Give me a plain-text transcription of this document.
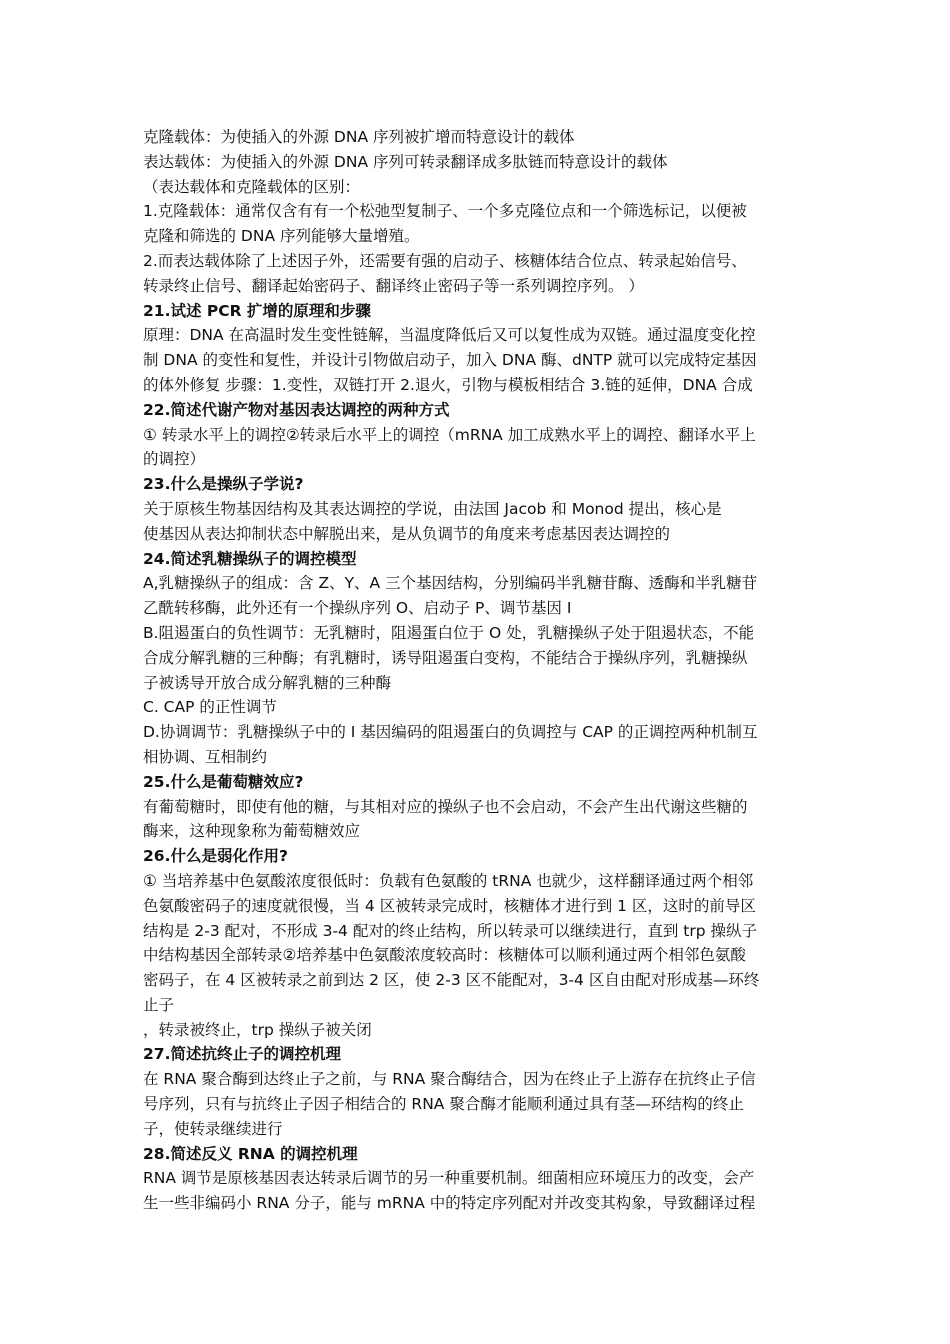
克隆载体：为使插入的外源 DNA 序列被扩增而特意设计的载体
表达载体：为使插入的外源 DNA 序列可转录翻译成多肽链而特意设计的载体
（表达载体和克隆载体的区别：
1.克隆载体：通常仅含有有一个松弛型复制子、一个多克隆位点和一个筛选标记，以便被
克隆和筛选的 DNA 序列能够大量增殖。
2.而表达载体除了上述因子外，还需要有强的启动子、核糖体结合位点、转录起始信号、
转录终止信号、翻译起始密码子、翻译终止密码子等一系列调控序列。 ）
21.试述 PCR 扩增的原理和步骤
原理：DNA 在高温时发生变性链解，当温度降低后又可以复性成为双链。通过温度变化控
制 DNA 的变性和复性，并设计引物做启动子，加入 DNA 酶、dNTP 就可以完成特定基因
的体外修复 步骤：1.变性，双链打开 2.退火，引物与模板相结合 3.链的延伸，DNA 合成
22.简述代谢产物对基因表达调控的两种方式
① 转录水平上的调控②转录后水平上的调控（mRNA 加工成熟水平上的调控、翻译水平上
的调控）
23.什么是操纵子学说?
关于原核生物基因结构及其表达调控的学说，由法国 Jacob 和 Monod 提出，核心是
使基因从表达抑制状态中解脱出来，是从负调节的角度来考虑基因表达调控的
24.简述乳糖操纵子的调控模型
A,乳糖操纵子的组成：含 Z、Y、A 三个基因结构，分别编码半乳糖苷酶、透酶和半乳糖苷
乙酰转移酶，此外还有一个操纵序列 O、启动子 P、调节基因 I
B.阻遏蛋白的负性调节：无乳糖时，阻遏蛋白位于 O 处，乳糖操纵子处于阻遏状态，不能
合成分解乳糖的三种酶；有乳糖时，诱导阻遏蛋白变构，不能结合于操纵序列，乳糖操纵
子被诱导开放合成分解乳糖的三种酶
C. CAP 的正性调节
D.协调调节：乳糖操纵子中的 I 基因编码的阻遏蛋白的负调控与 CAP 的正调控两种机制互
相协调、互相制约
25.什么是葡萄糖效应?
有葡萄糖时，即使有他的糖，与其相对应的操纵子也不会启动，不会产生出代谢这些糖的
酶来，这种现象称为葡萄糖效应
26.什么是弱化作用?
① 当培养基中色氨酸浓度很低时：负载有色氨酸的 tRNA 也就少，这样翻译通过两个相邻
色氨酸密码子的速度就很慢，当 4 区被转录完成时，核糖体才进行到 1 区，这时的前导区
结构是 2-3 配对，不形成 3-4 配对的终止结构，所以转录可以继续进行，直到 trp 操纵子
中结构基因全部转录②培养基中色氨酸浓度较高时：核糖体可以顺利通过两个相邻色氨酸
密码子，在 4 区被转录之前到达 2 区，使 2-3 区不能配对，3-4 区自由配对形成基—环终
止子
，转录被终止，trp 操纵子被关闭
27.简述抗终止子的调控机理
在 RNA 聚合酶到达终止子之前，与 RNA 聚合酶结合，因为在终止子上游存在抗终止子信
号序列，只有与抗终止子因子相结合的 RNA 聚合酶才能顺利通过具有茎—环结构的终止
子，使转录继续进行
28.简述反义 RNA 的调控机理
RNA 调节是原核基因表达转录后调节的另一种重要机制。细菌相应环境压力的改变，会产
生一些非编码小 RNA 分子，能与 mRNA 中的特定序列配对并改变其构象，导致翻译过程
